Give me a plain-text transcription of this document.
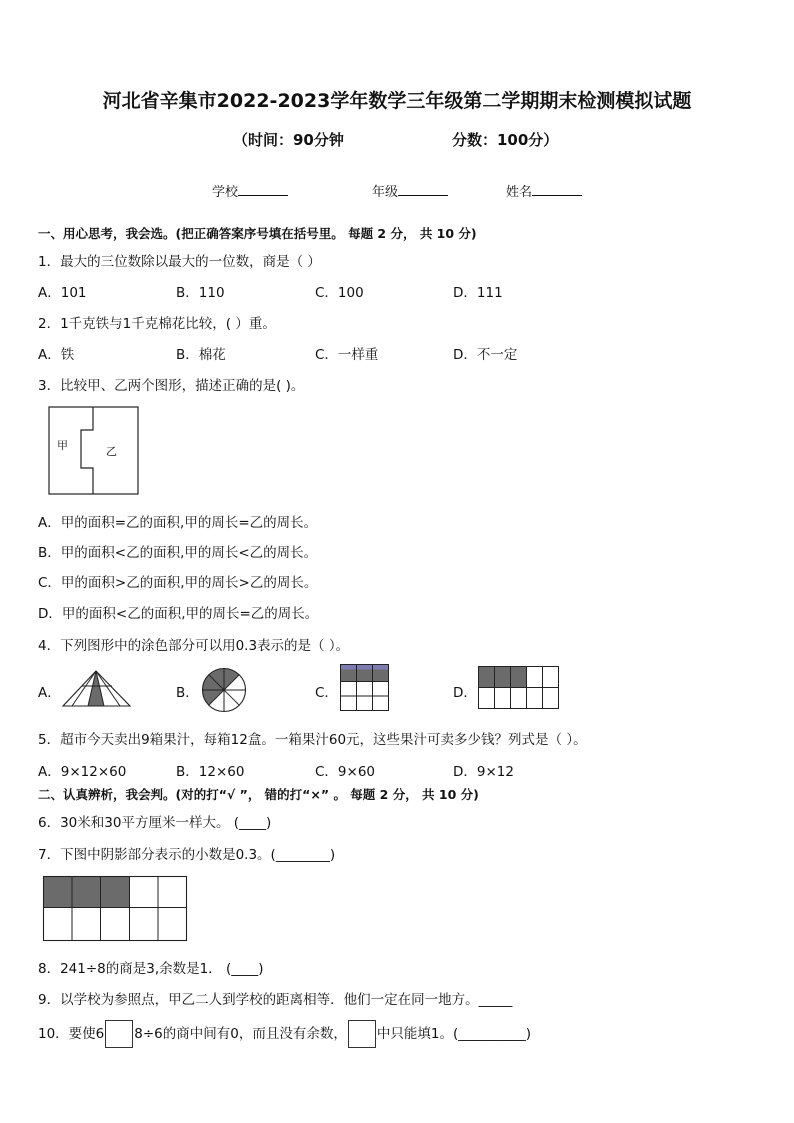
河北省辛集市2022-2023学年数学三年级第二学期期末检测模拟试题
（时间：90分钟	分数：100分）
学校	年级	姓名
一、用心思考，我会选。(把正确答案序号填在括号里。 每题 2 分， 共 10 分)
1．最大的三位数除以最大的一位数，商是（ ）
A．101	B．110	C．100	D．111
2．1千克铁与1千克棉花比较，( ）重。
A．铁	B．棉花	C．一样重	D．不一定
3．比较甲、乙两个图形，描述正确的是( )。
甲	乙
A．甲的面积=乙的面积,甲的周长=乙的周长。
B．甲的面积<乙的面积,甲的周长<乙的周长。
C．甲的面积>乙的面积,甲的周长>乙的周长。
D．甲的面积<乙的面积,甲的周长=乙的周长。
4．下列图形中的涂色部分可以用0.3表示的是（ ）。
A．	B．	C．	D．
5．超市今天卖出9箱果汁，每箱12盒。一箱果汁60元，这些果汁可卖多少钱？列式是（ ）。
A．9×12×60	B．12×60	C．9×60	D．9×12
二、认真辨析，我会判。(对的打“√ ”， 错的打“×” 。 每题 2 分， 共 10 分)
6．30米和30平方厘米一样大。 (____)
7．下图中阴影部分表示的小数是0.3。(________)
8．241÷8的商是3,余数是1． (____)
9．以学校为参照点，甲乙二人到学校的距离相等．他们一定在同一地方。_____
10．要使6 8÷6的商中间有0，而且没有余数， 中只能填1。(__________)
